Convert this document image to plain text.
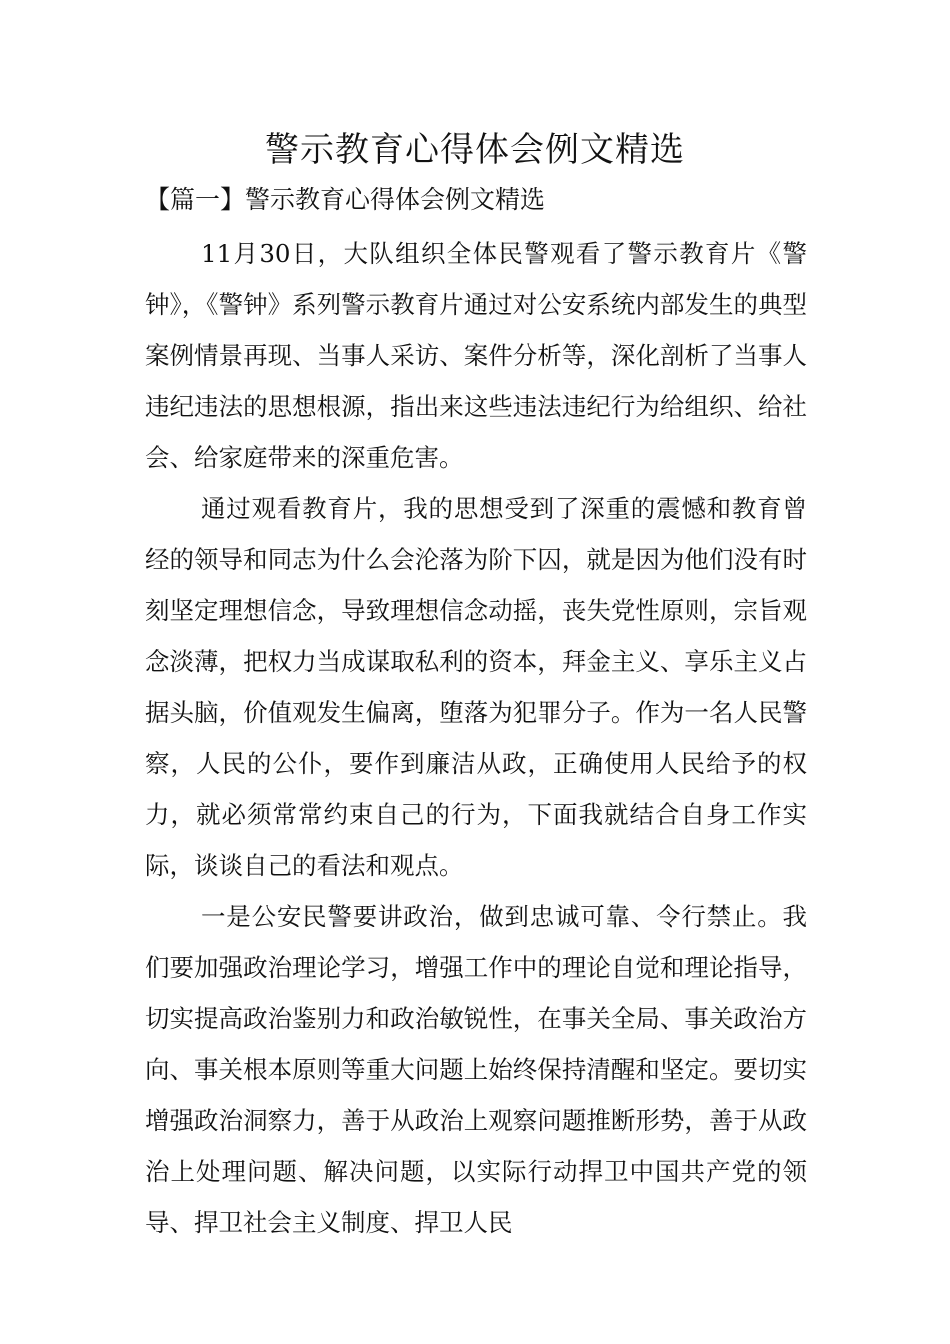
警示教育心得体会例文精选
【篇一】警示教育心得体会例文精选

11月30日，大队组织全体民警观看了警示教育片《警钟》，《警钟》系列警示教育片通过对公安系统内部发生的典型案例情景再现、当事人采访、案件分析等，深化剖析了当事人违纪违法的思想根源，指出来这些违法违纪行为给组织、给社会、给家庭带来的深重危害。

通过观看教育片，我的思想受到了深重的震憾和教育曾经的领导和同志为什么会沦落为阶下囚，就是因为他们没有时刻坚定理想信念，导致理想信念动摇，丧失党性原则，宗旨观念淡薄，把权力当成谋取私利的资本，拜金主义、享乐主义占据头脑，价值观发生偏离，堕落为犯罪分子。作为一名人民警察，人民的公仆，要作到廉洁从政，正确使用人民给予的权力，就必须常常约束自己的行为，下面我就结合自身工作实际，谈谈自己的看法和观点。

一是公安民警要讲政治，做到忠诚可靠、令行禁止。我们要加强政治理论学习，增强工作中的理论自觉和理论指导，切实提高政治鉴别力和政治敏锐性，在事关全局、事关政治方向、事关根本原则等重大问题上始终保持清醒和坚定。要切实增强政治洞察力，善于从政治上观察问题推断形势，善于从政治上处理问题、解决问题，以实际行动捍卫中国共产党的领导、捍卫社会主义制度、捍卫人民
